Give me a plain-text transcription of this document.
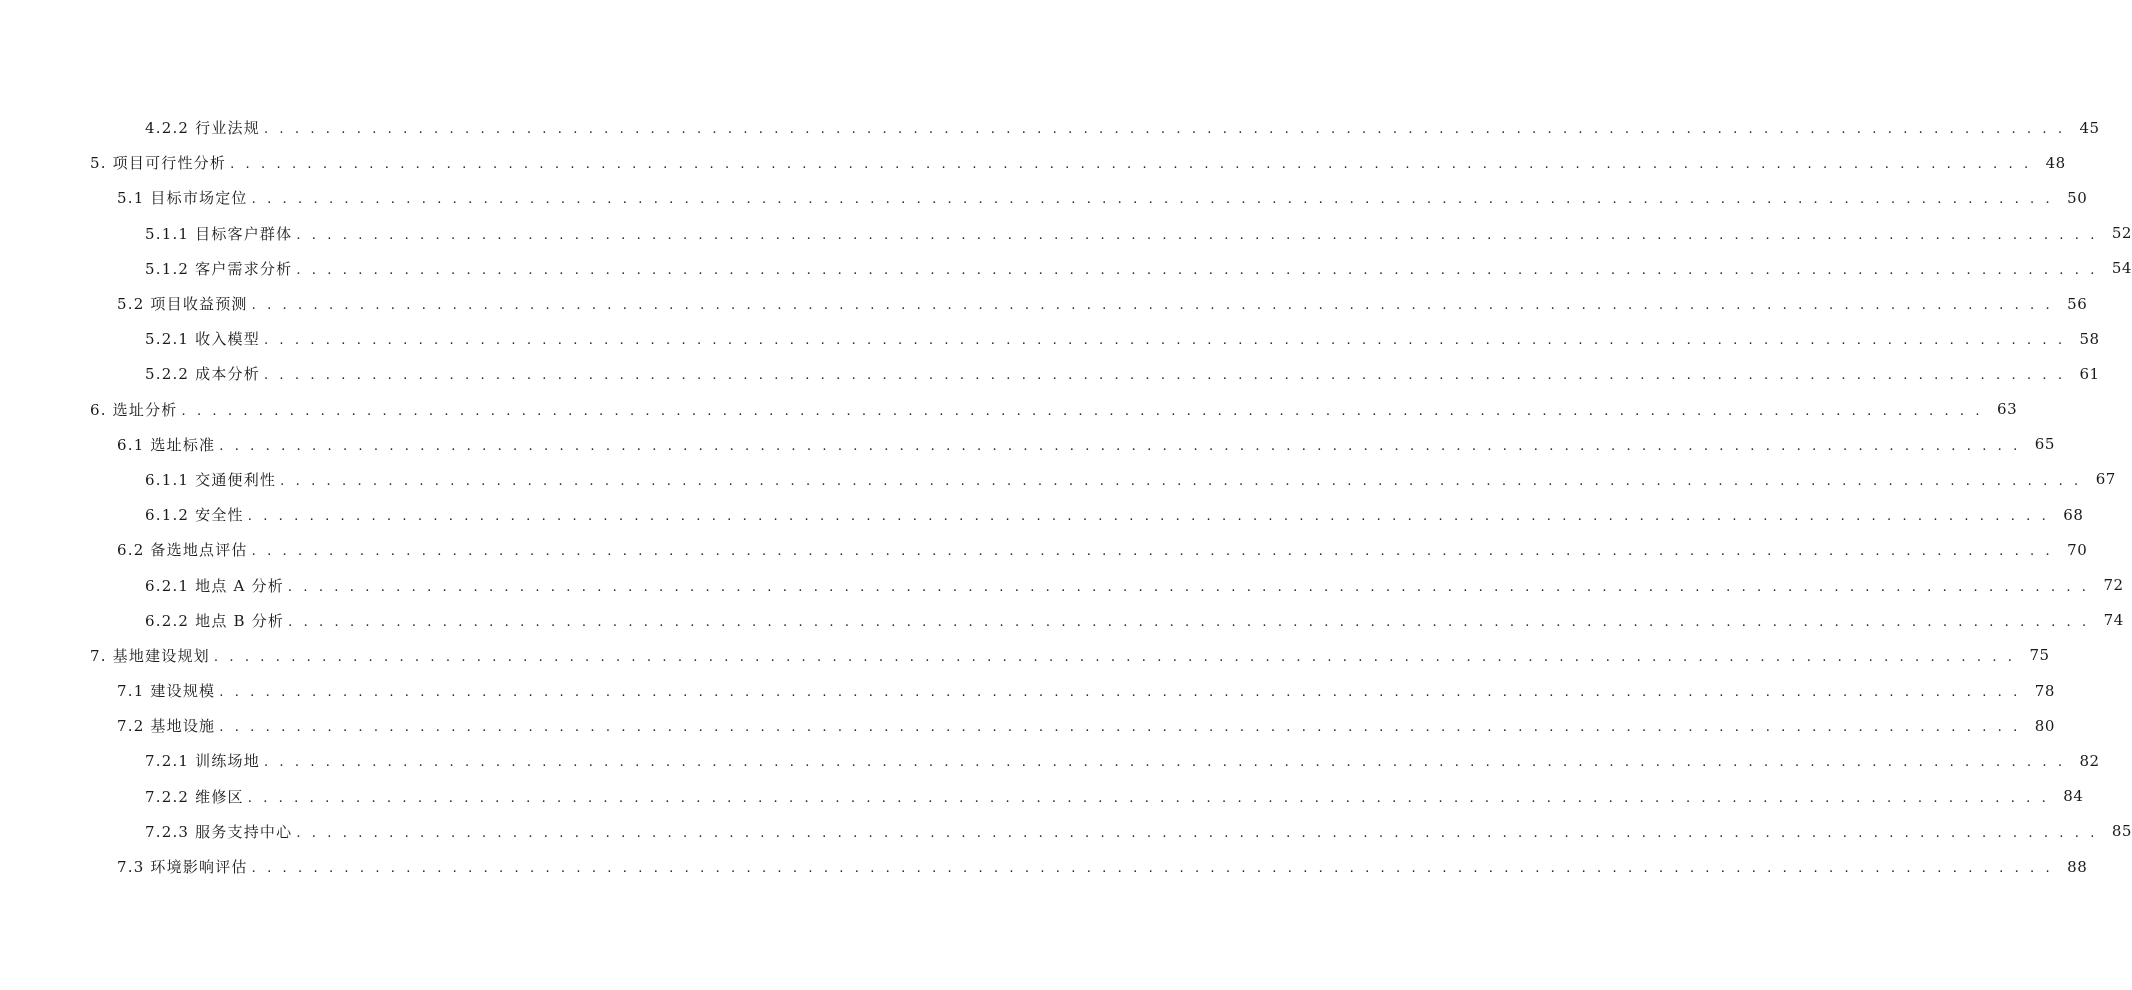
4.2.2 行业法规 . . . . . . . . . . . . . . . . . . . . . . . . . . . . . . . . . . . . . . . . . . . . . . . . . . . . . . . . . . . . . . . . . . . . . . . . . . . . . . . . . . . . . . . . . . . . . . . . . . . . . . . . . . . . . . . . . . . . . 45
5. 项目可行性分析 . . . . . . . . . . . . . . . . . . . . . . . . . . . . . . . . . . . . . . . . . . . . . . . . . . . . . . . . . . . . . . . . . . . . . . . . . . . . . . . . . . . . . . . . . . . . . . . . . . . . . . . . . . . . . . . . . . . . . 48
5.1 目标市场定位 . . . . . . . . . . . . . . . . . . . . . . . . . . . . . . . . . . . . . . . . . . . . . . . . . . . . . . . . . . . . . . . . . . . . . . . . . . . . . . . . . . . . . . . . . . . . . . . . . . . . . . . . . . . . . . . . . . . . . 50
5.1.1 目标客户群体 . . . . . . . . . . . . . . . . . . . . . . . . . . . . . . . . . . . . . . . . . . . . . . . . . . . . . . . . . . . . . . . . . . . . . . . . . . . . . . . . . . . . . . . . . . . . . . . . . . . . . . . . . . . . . . . . . . . . . 52
5.1.2 客户需求分析 . . . . . . . . . . . . . . . . . . . . . . . . . . . . . . . . . . . . . . . . . . . . . . . . . . . . . . . . . . . . . . . . . . . . . . . . . . . . . . . . . . . . . . . . . . . . . . . . . . . . . . . . . . . . . . . . . . . . . 54
5.2 项目收益预测 . . . . . . . . . . . . . . . . . . . . . . . . . . . . . . . . . . . . . . . . . . . . . . . . . . . . . . . . . . . . . . . . . . . . . . . . . . . . . . . . . . . . . . . . . . . . . . . . . . . . . . . . . . . . . . . . . . . . . 56
5.2.1 收入模型 . . . . . . . . . . . . . . . . . . . . . . . . . . . . . . . . . . . . . . . . . . . . . . . . . . . . . . . . . . . . . . . . . . . . . . . . . . . . . . . . . . . . . . . . . . . . . . . . . . . . . . . . . . . . . . . . . . . . . 58
5.2.2 成本分析 . . . . . . . . . . . . . . . . . . . . . . . . . . . . . . . . . . . . . . . . . . . . . . . . . . . . . . . . . . . . . . . . . . . . . . . . . . . . . . . . . . . . . . . . . . . . . . . . . . . . . . . . . . . . . . . . . . . . . 61
6. 选址分析 . . . . . . . . . . . . . . . . . . . . . . . . . . . . . . . . . . . . . . . . . . . . . . . . . . . . . . . . . . . . . . . . . . . . . . . . . . . . . . . . . . . . . . . . . . . . . . . . . . . . . . . . . . . . . . . . . . . . . 63
6.1 选址标准 . . . . . . . . . . . . . . . . . . . . . . . . . . . . . . . . . . . . . . . . . . . . . . . . . . . . . . . . . . . . . . . . . . . . . . . . . . . . . . . . . . . . . . . . . . . . . . . . . . . . . . . . . . . . . . . . . . . . . 65
6.1.1 交通便利性 . . . . . . . . . . . . . . . . . . . . . . . . . . . . . . . . . . . . . . . . . . . . . . . . . . . . . . . . . . . . . . . . . . . . . . . . . . . . . . . . . . . . . . . . . . . . . . . . . . . . . . . . . . . . . . . . . . . . . 67
6.1.2 安全性 . . . . . . . . . . . . . . . . . . . . . . . . . . . . . . . . . . . . . . . . . . . . . . . . . . . . . . . . . . . . . . . . . . . . . . . . . . . . . . . . . . . . . . . . . . . . . . . . . . . . . . . . . . . . . . . . . . . . . 68
6.2 备选地点评估 . . . . . . . . . . . . . . . . . . . . . . . . . . . . . . . . . . . . . . . . . . . . . . . . . . . . . . . . . . . . . . . . . . . . . . . . . . . . . . . . . . . . . . . . . . . . . . . . . . . . . . . . . . . . . . . . . . . . . 70
6.2.1 地点 A 分析 . . . . . . . . . . . . . . . . . . . . . . . . . . . . . . . . . . . . . . . . . . . . . . . . . . . . . . . . . . . . . . . . . . . . . . . . . . . . . . . . . . . . . . . . . . . . . . . . . . . . . . . . . . . . . . . . . . . . . 72
6.2.2 地点 B 分析 . . . . . . . . . . . . . . . . . . . . . . . . . . . . . . . . . . . . . . . . . . . . . . . . . . . . . . . . . . . . . . . . . . . . . . . . . . . . . . . . . . . . . . . . . . . . . . . . . . . . . . . . . . . . . . . . . . . . . 74
7. 基地建设规划 . . . . . . . . . . . . . . . . . . . . . . . . . . . . . . . . . . . . . . . . . . . . . . . . . . . . . . . . . . . . . . . . . . . . . . . . . . . . . . . . . . . . . . . . . . . . . . . . . . . . . . . . . . . . . . . . . . . . . 75
7.1 建设规模 . . . . . . . . . . . . . . . . . . . . . . . . . . . . . . . . . . . . . . . . . . . . . . . . . . . . . . . . . . . . . . . . . . . . . . . . . . . . . . . . . . . . . . . . . . . . . . . . . . . . . . . . . . . . . . . . . . . . . 78
7.2 基地设施 . . . . . . . . . . . . . . . . . . . . . . . . . . . . . . . . . . . . . . . . . . . . . . . . . . . . . . . . . . . . . . . . . . . . . . . . . . . . . . . . . . . . . . . . . . . . . . . . . . . . . . . . . . . . . . . . . . . . . 80
7.2.1 训练场地 . . . . . . . . . . . . . . . . . . . . . . . . . . . . . . . . . . . . . . . . . . . . . . . . . . . . . . . . . . . . . . . . . . . . . . . . . . . . . . . . . . . . . . . . . . . . . . . . . . . . . . . . . . . . . . . . . . . . . 82
7.2.2 维修区 . . . . . . . . . . . . . . . . . . . . . . . . . . . . . . . . . . . . . . . . . . . . . . . . . . . . . . . . . . . . . . . . . . . . . . . . . . . . . . . . . . . . . . . . . . . . . . . . . . . . . . . . . . . . . . . . . . . . . 84
7.2.3 服务支持中心 . . . . . . . . . . . . . . . . . . . . . . . . . . . . . . . . . . . . . . . . . . . . . . . . . . . . . . . . . . . . . . . . . . . . . . . . . . . . . . . . . . . . . . . . . . . . . . . . . . . . . . . . . . . . . . . . . . . . . 85
7.3 环境影响评估 . . . . . . . . . . . . . . . . . . . . . . . . . . . . . . . . . . . . . . . . . . . . . . . . . . . . . . . . . . . . . . . . . . . . . . . . . . . . . . . . . . . . . . . . . . . . . . . . . . . . . . . . . . . . . . . . . . . . . 88
